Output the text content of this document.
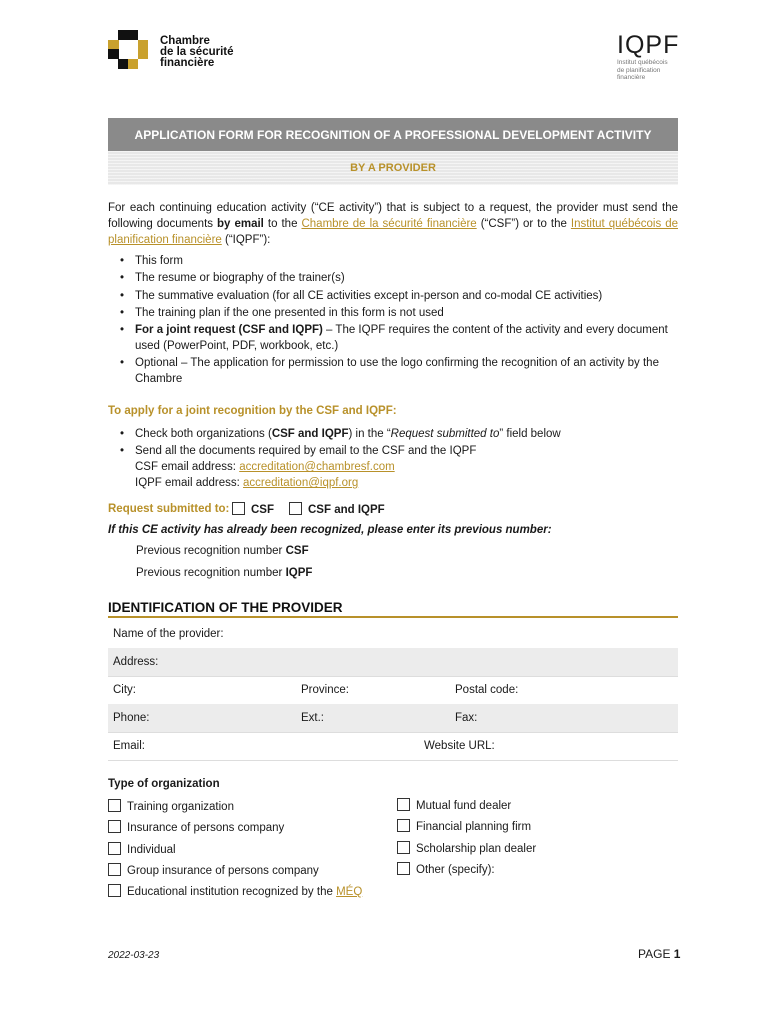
Chambre
de la sécurité
financière
IQPF
Institut québécois
de planification
financière
APPLICATION FORM FOR RECOGNITION OF A PROFESSIONAL DEVELOPMENT ACTIVITY
BY A PROVIDER
For each continuing education activity (“CE activity”) that is subject to a request, the provider must send the following documents by email to the Chambre de la sécurité financière (“CSF”) or to the Institut québécois de planification financière (“IQPF”):
• This form
• The resume or biography of the trainer(s)
• The summative evaluation (for all CE activities except in-person and co-modal CE activities)
• The training plan if the one presented in this form is not used
• For a joint request (CSF and IQPF) – The IQPF requires the content of the activity and every document used (PowerPoint, PDF, workbook, etc.)
• Optional – The application for permission to use the logo confirming the recognition of an activity by the Chambre
To apply for a joint recognition by the CSF and IQPF:
• Check both organizations (CSF and IQPF) in the “Request submitted to” field below
• Send all the documents required by email to the CSF and the IQPF
CSF email address: accreditation@chambresf.com
IQPF email address: accreditation@iqpf.org
Request submitted to:	CSF	CSF and IQPF
If this CE activity has already been recognized, please enter its previous number:
Previous recognition number CSF
Previous recognition number IQPF
IDENTIFICATION OF THE PROVIDER
Name of the provider:
Address:
City:	Province:	Postal code:
Phone:	Ext.:	Fax:
Email:	Website URL:
Type of organization
Training organization
Insurance of persons company
Individual
Group insurance of persons company
Educational institution recognized by the MÉQ
Mutual fund dealer
Financial planning firm
Scholarship plan dealer
Other (specify):
2022-03-23	PAGE 1
